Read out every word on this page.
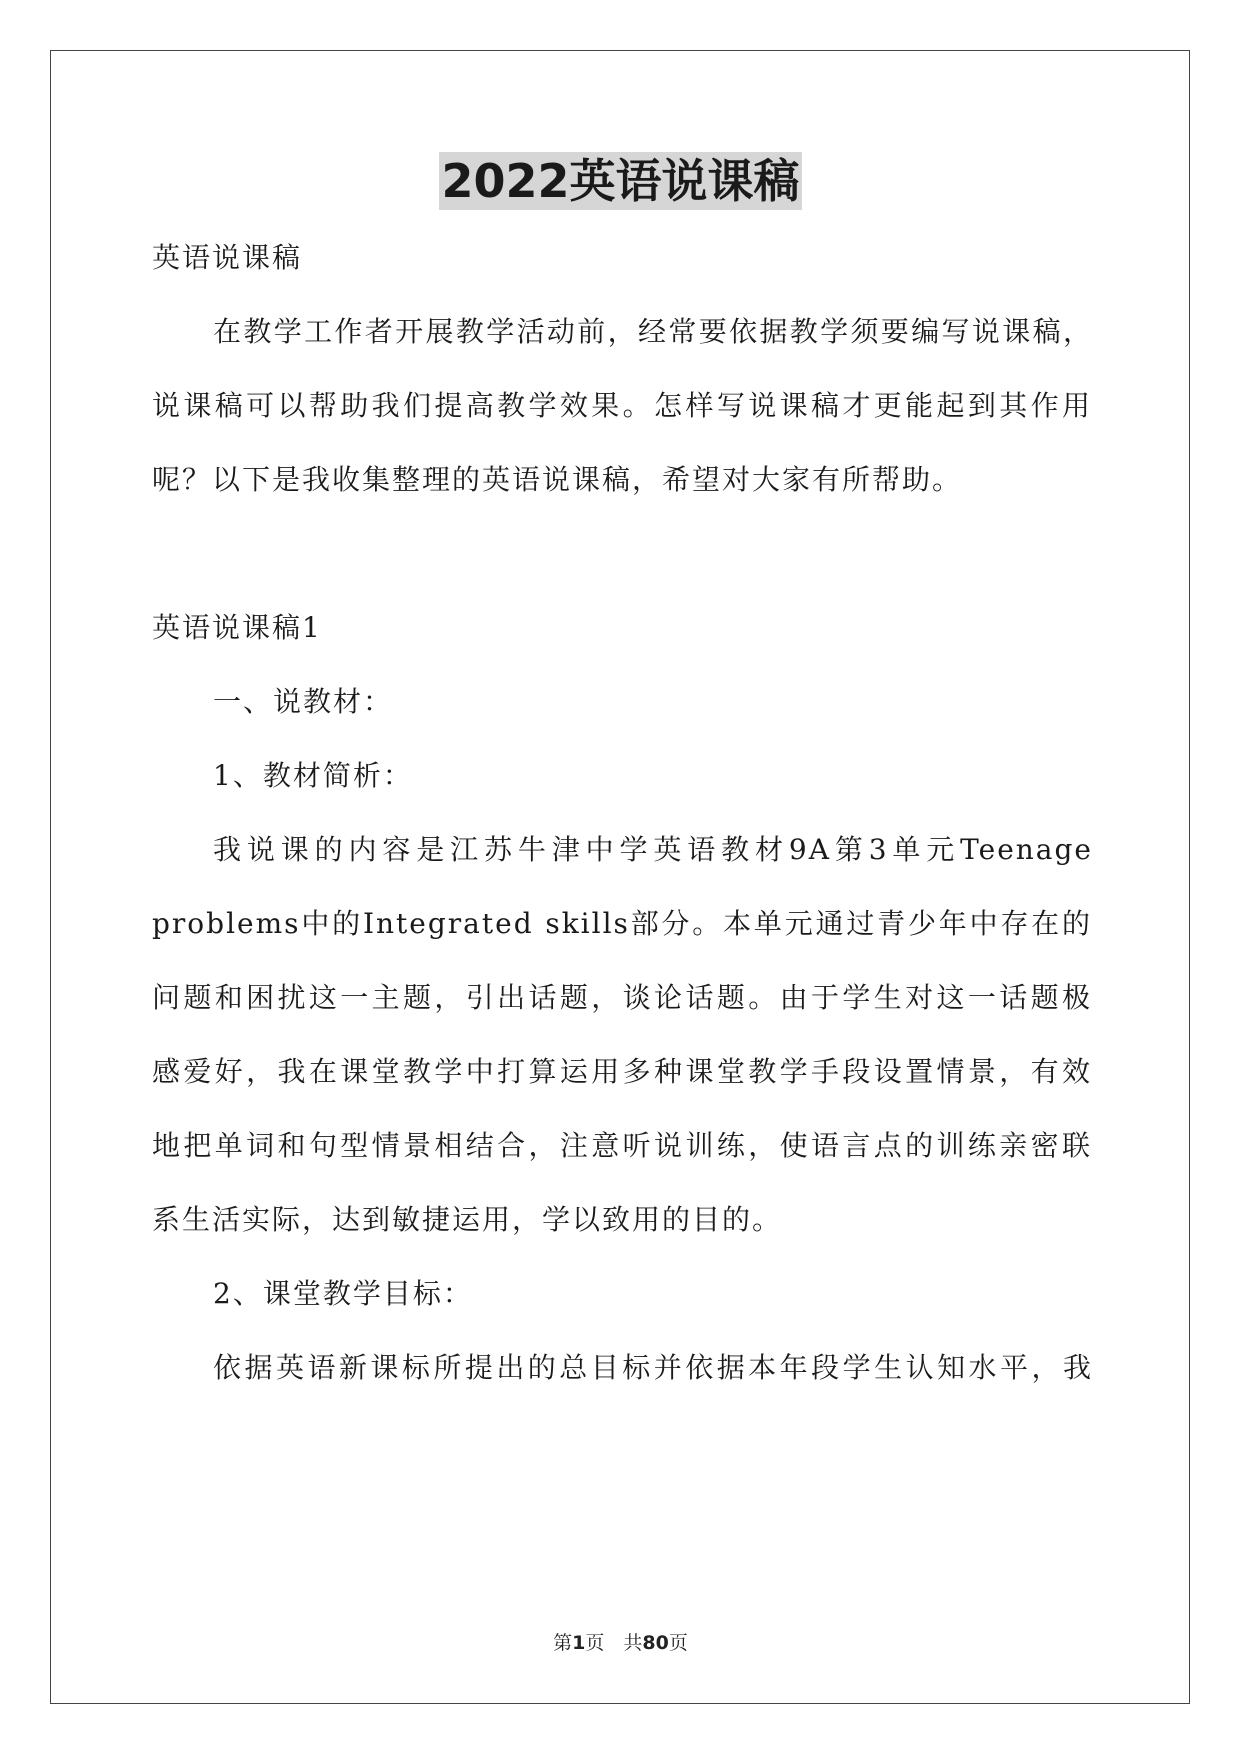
2022英语说课稿
英语说课稿
在教学工作者开展教学活动前，经常要依据教学须要编写说课稿，
说课稿可以帮助我们提高教学效果。怎样写说课稿才更能起到其作用
呢？以下是我收集整理的英语说课稿，希望对大家有所帮助。
英语说课稿1
一、说教材：
1、教材简析：
我说课的内容是江苏牛津中学英语教材9A第3单元Teenage
problems中的Integrated skills部分。本单元通过青少年中存在的
问题和困扰这一主题，引出话题，谈论话题。由于学生对这一话题极
感爱好，我在课堂教学中打算运用多种课堂教学手段设置情景，有效
地把单词和句型情景相结合，注意听说训练，使语言点的训练亲密联
系生活实际，达到敏捷运用，学以致用的目的。
2、课堂教学目标：
依据英语新课标所提出的总目标并依据本年段学生认知水平，我
第1页　共80页
